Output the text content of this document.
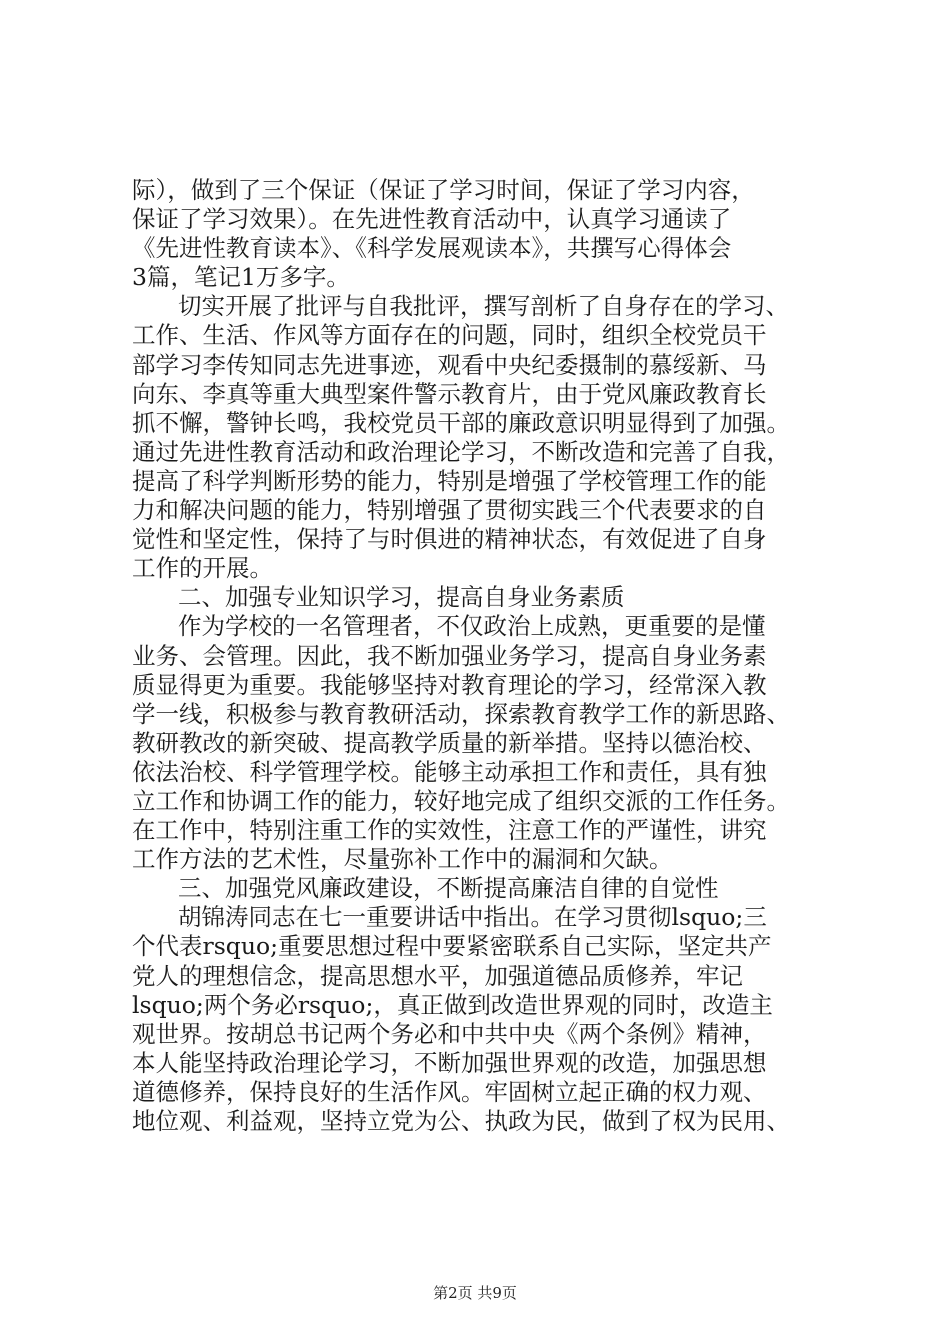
际），做到了三个保证（保证了学习时间，保证了学习内容，
保证了学习效果）。在先进性教育活动中，认真学习通读了
《先进性教育读本》、《科学发展观读本》，共撰写心得体会
3篇，笔记1万多字。
切实开展了批评与自我批评，撰写剖析了自身存在的学习、
工作、生活、作风等方面存在的问题，同时，组织全校党员干
部学习李传知同志先进事迹，观看中央纪委摄制的慕绥新、马
向东、李真等重大典型案件警示教育片，由于党风廉政教育长
抓不懈，警钟长鸣，我校党员干部的廉政意识明显得到了加强。
通过先进性教育活动和政治理论学习，不断改造和完善了自我，
提高了科学判断形势的能力，特别是增强了学校管理工作的能
力和解决问题的能力，特别增强了贯彻实践三个代表要求的自
觉性和坚定性，保持了与时俱进的精神状态，有效促进了自身
工作的开展。
二、加强专业知识学习，提高自身业务素质
作为学校的一名管理者，不仅政治上成熟，更重要的是懂
业务、会管理。因此，我不断加强业务学习，提高自身业务素
质显得更为重要。我能够坚持对教育理论的学习，经常深入教
学一线，积极参与教育教研活动，探索教育教学工作的新思路、
教研教改的新突破、提高教学质量的新举措。坚持以德治校、
依法治校、科学管理学校。能够主动承担工作和责任，具有独
立工作和协调工作的能力，较好地完成了组织交派的工作任务。
在工作中，特别注重工作的实效性，注意工作的严谨性，讲究
工作方法的艺术性，尽量弥补工作中的漏洞和欠缺。
三、加强党风廉政建设，不断提高廉洁自律的自觉性
胡锦涛同志在七一重要讲话中指出。在学习贯彻lsquo;三
个代表rsquo;重要思想过程中要紧密联系自己实际，坚定共产
党人的理想信念，提高思想水平，加强道德品质修养，牢记
lsquo;两个务必rsquo;，真正做到改造世界观的同时，改造主
观世界。按胡总书记两个务必和中共中央《两个条例》精神，
本人能坚持政治理论学习，不断加强世界观的改造，加强思想
道德修养，保持良好的生活作风。牢固树立起正确的权力观、
地位观、利益观，坚持立党为公、执政为民，做到了权为民用、
第2页 共9页
